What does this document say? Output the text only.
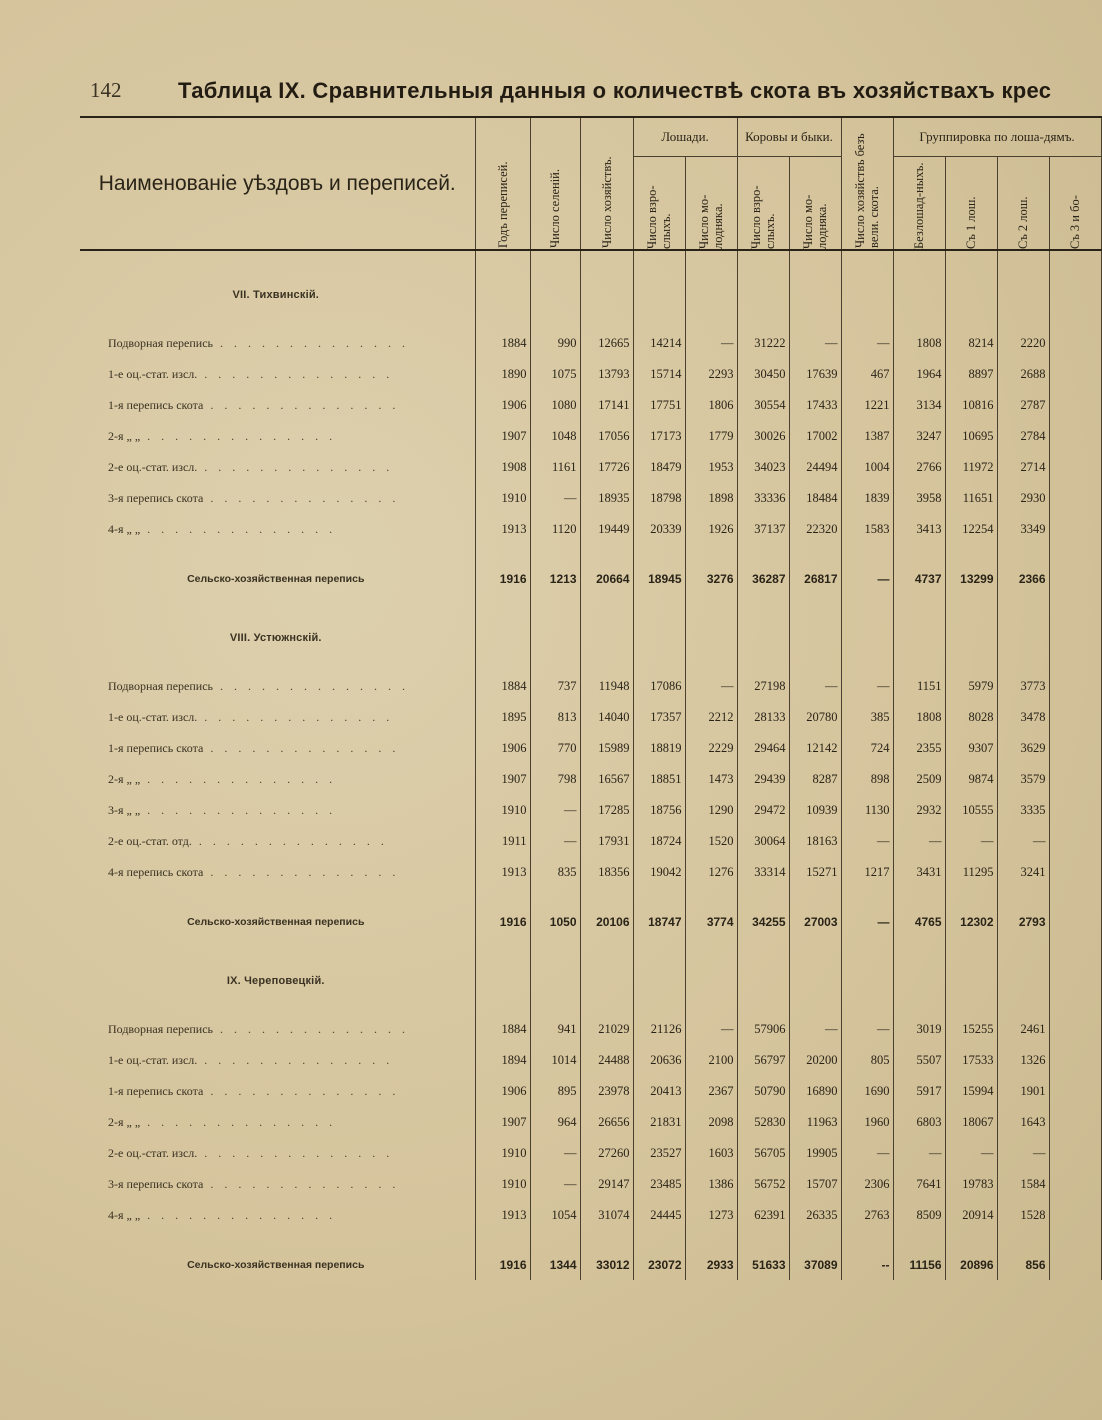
142	Таблица IX. Сравнительныя данныя о количествѣ скота въ хозяйствахъ крес
Наименованіе уѣздовъ и переписей.	Годъ переписей.	Число селеній.	Число хозяйствъ.	Лошади.		Коровы и быки.		Число хозяйствъ безъ вели. скота.	Группировка по лоша-дямъ.			

				Число взро-слыхъ.	Число мо-лоднякa.	Число взро-слыхъ.	Число мо-лодняка.		Безлошад-ныхъ.	Съ 1 лош.	Съ 2 лош.	Съ 3 и бо-

VII. Тихвинскій.												

Подворная перепись . . . . . . . . . . . . . .	1884	990	12665	14214	—	31222	—	—	1808	8214	2220	
1-е оц.-стат. изсл. . . . . . . . . . . . . . .	1890	1075	13793	15714	2293	30450	17639	467	1964	8897	2688	
1-я перепись скота . . . . . . . . . . . . . .	1906	1080	17141	17751	1806	30554	17433	1221	3134	10816	2787	
2-я „ „ . . . . . . . . . . . . . .	1907	1048	17056	17173	1779	30026	17002	1387	3247	10695	2784	
2-е оц.-стат. изсл. . . . . . . . . . . . . . .	1908	1161	17726	18479	1953	34023	24494	1004	2766	11972	2714	
3-я перепись скота . . . . . . . . . . . . . .	1910	—	18935	18798	1898	33336	18484	1839	3958	11651	2930	
4-я „ „ . . . . . . . . . . . . . .	1913	1120	19449	20339	1926	37137	22320	1583	3413	12254	3349	

Сельско-хозяйственная перепись	1916	1213	20664	18945	3276	36287	26817	—	4737	13299	2366	

VIII. Устюжнскій.												

Подворная перепись . . . . . . . . . . . . . .	1884	737	11948	17086	—	27198	—	—	1151	5979	3773	
1-е оц.-стат. изсл. . . . . . . . . . . . . . .	1895	813	14040	17357	2212	28133	20780	385	1808	8028	3478	
1-я перепись скота . . . . . . . . . . . . . .	1906	770	15989	18819	2229	29464	12142	724	2355	9307	3629	
2-я „ „ . . . . . . . . . . . . . .	1907	798	16567	18851	1473	29439	8287	898	2509	9874	3579	
3-я „ „ . . . . . . . . . . . . . .	1910	—	17285	18756	1290	29472	10939	1130	2932	10555	3335	
2-е оц.-стат. отд. . . . . . . . . . . . . . .	1911	—	17931	18724	1520	30064	18163	—	—	—	—	
4-я перепись скота . . . . . . . . . . . . . .	1913	835	18356	19042	1276	33314	15271	1217	3431	11295	3241	

Сельско-хозяйственная перепись	1916	1050	20106	18747	3774	34255	27003	—	4765	12302	2793	

IX. Череповецкій.												

Подворная перепись . . . . . . . . . . . . . .	1884	941	21029	21126	—	57906	—	—	3019	15255	2461	
1-е оц.-стат. изсл. . . . . . . . . . . . . . .	1894	1014	24488	20636	2100	56797	20200	805	5507	17533	1326	
1-я перепись скота . . . . . . . . . . . . . .	1906	895	23978	20413	2367	50790	16890	1690	5917	15994	1901	
2-я „ „ . . . . . . . . . . . . . .	1907	964	26656	21831	2098	52830	11963	1960	6803	18067	1643	
2-е оц.-стат. изсл. . . . . . . . . . . . . . .	1910	—	27260	23527	1603	56705	19905	—	—	—	—	
3-я перепись скота . . . . . . . . . . . . . .	1910	—	29147	23485	1386	56752	15707	2306	7641	19783	1584	
4-я „ „ . . . . . . . . . . . . . .	1913	1054	31074	24445	1273	62391	26335	2763	8509	20914	1528	

Сельско-хозяйственная перепись	1916	1344	33012	23072	2933	51633	37089	--	11156	20896	856	
